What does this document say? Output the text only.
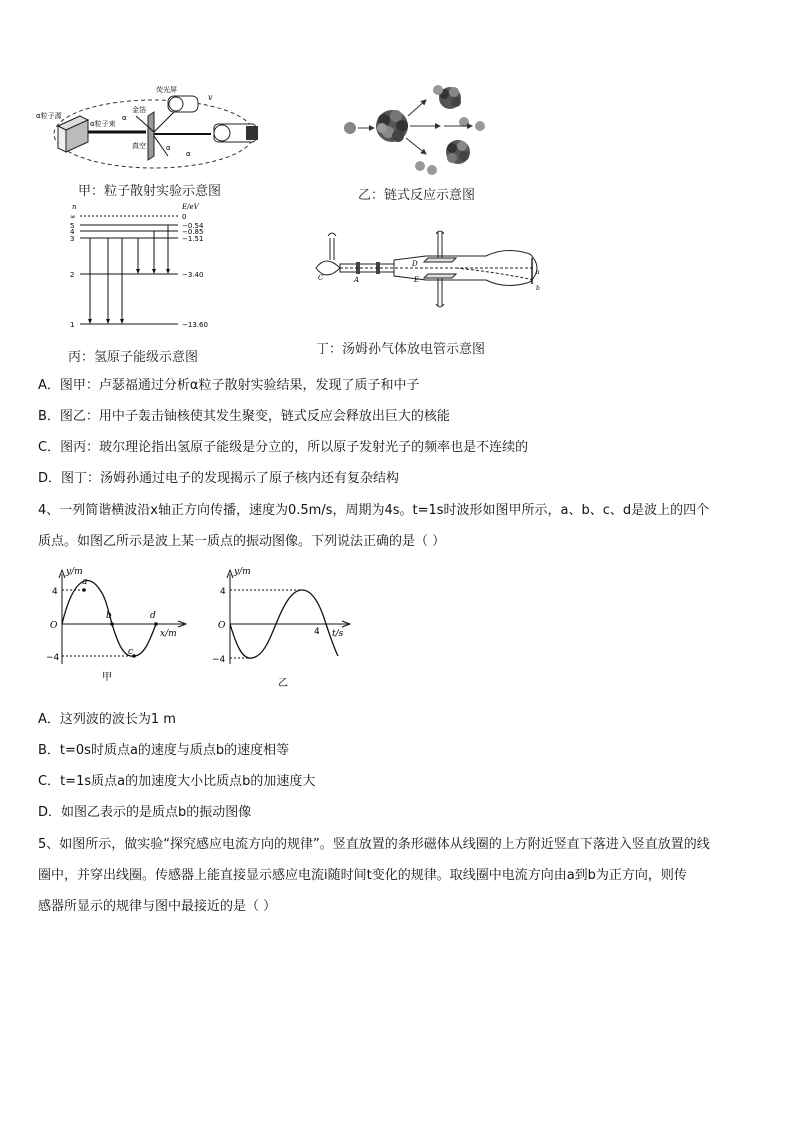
α粒子源
荧光屏
金箔
α粒子束
真空
α
α
α
v
甲：粒子散射实验示意图	乙：链式反应示意图
n	E/eV
∞	0
5	−0.54
4	−0.85
3	−1.51
2	−3.40
1	−13.60
丙：氢原子能级示意图
C	A
D
E
a
b
丁：汤姆孙气体放电管示意图
A．图甲：卢瑟福通过分析α粒子散射实验结果，发现了质子和中子
B．图乙：用中子轰击铀核使其发生聚变，链式反应会释放出巨大的核能
C．图丙：玻尔理论指出氢原子能级是分立的，所以原子发射光子的频率也是不连续的
D．图丁：汤姆孙通过电子的发现揭示了原子核内还有复杂结构
4、一列简谐横波沿x轴正方向传播，速度为0.5m/s，周期为4s。t=1s时波形如图甲所示，a、b、c、d是波上的四个
质点。如图乙所示是波上某一质点的振动图像。下列说法正确的是（ ）
y/m
x/m
O
4
−4
a
b
c
d
甲
y/m
t/s
O
4
−4
4
乙
A．这列波的波长为1 m
B．t=0s时质点a的速度与质点b的速度相等
C．t=1s质点a的加速度大小比质点b的加速度大
D．如图乙表示的是质点b的振动图像
5、如图所示，做实验“探究感应电流方向的规律”。竖直放置的条形磁体从线圈的上方附近竖直下落进入竖直放置的线
圈中，并穿出线圈。传感器上能直接显示感应电流i随时间t变化的规律。取线圈中电流方向由a到b为正方向，则传
感器所显示的规律与图中最接近的是（ ）
